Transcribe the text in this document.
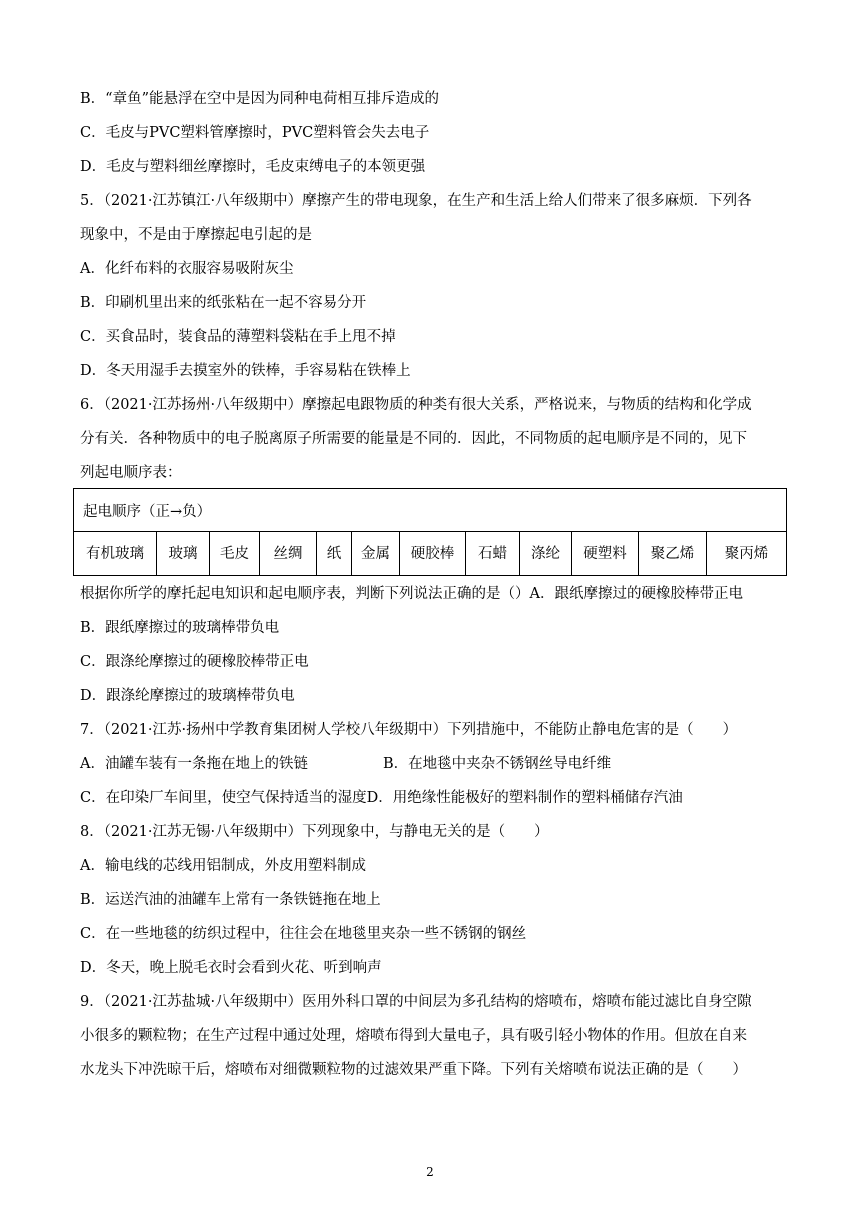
B．“章鱼”能悬浮在空中是因为同种电荷相互排斥造成的
C．毛皮与PVC塑料管摩擦时，PVC塑料管会失去电子
D．毛皮与塑料细丝摩擦时，毛皮束缚电子的本领更强
5．（2021·江苏镇江·八年级期中）摩擦产生的带电现象，在生产和生活上给人们带来了很多麻烦．下列各
现象中，不是由于摩擦起电引起的是
A．化纤布料的衣服容易吸附灰尘
B．印刷机里出来的纸张粘在一起不容易分开
C．买食品时，装食品的薄塑料袋粘在手上甩不掉
D．冬天用湿手去摸室外的铁棒，手容易粘在铁棒上
6．（2021·江苏扬州·八年级期中）摩擦起电跟物质的种类有很大关系，严格说来，与物质的结构和化学成
分有关．各种物质中的电子脱离原子所需要的能量是不同的．因此，不同物质的起电顺序是不同的，见下
列起电顺序表：
起电顺序（正→负）
有机玻璃	玻璃	毛皮	丝绸	纸	金属	硬胶棒	石蜡	涤纶	硬塑料	聚乙烯	聚丙烯
根据你所学的摩托起电知识和起电顺序表，判断下列说法正确的是（）A．跟纸摩擦过的硬橡胶棒带正电
B．跟纸摩擦过的玻璃棒带负电
C．跟涤纶摩擦过的硬橡胶棒带正电
D．跟涤纶摩擦过的玻璃棒带负电
7．（2021·江苏·扬州中学教育集团树人学校八年级期中）下列措施中，不能防止静电危害的是（　　）
A．油罐车装有一条拖在地上的铁链	B．在地毯中夹杂不锈钢丝导电纤维
C．在印染厂车间里，使空气保持适当的湿度D．用绝缘性能极好的塑料制作的塑料桶储存汽油
8．（2021·江苏无锡·八年级期中）下列现象中，与静电无关的是（　　）
A．输电线的芯线用铝制成，外皮用塑料制成
B．运送汽油的油罐车上常有一条铁链拖在地上
C．在一些地毯的纺织过程中，往往会在地毯里夹杂一些不锈钢的钢丝
D．冬天，晚上脱毛衣时会看到火花、听到响声
9．（2021·江苏盐城·八年级期中）医用外科口罩的中间层为多孔结构的熔喷布，熔喷布能过滤比自身空隙
小很多的颗粒物；在生产过程中通过处理，熔喷布得到大量电子，具有吸引轻小物体的作用。但放在自来
水龙头下冲洗晾干后，熔喷布对细微颗粒物的过滤效果严重下降。下列有关熔喷布说法正确的是（　　）
2
